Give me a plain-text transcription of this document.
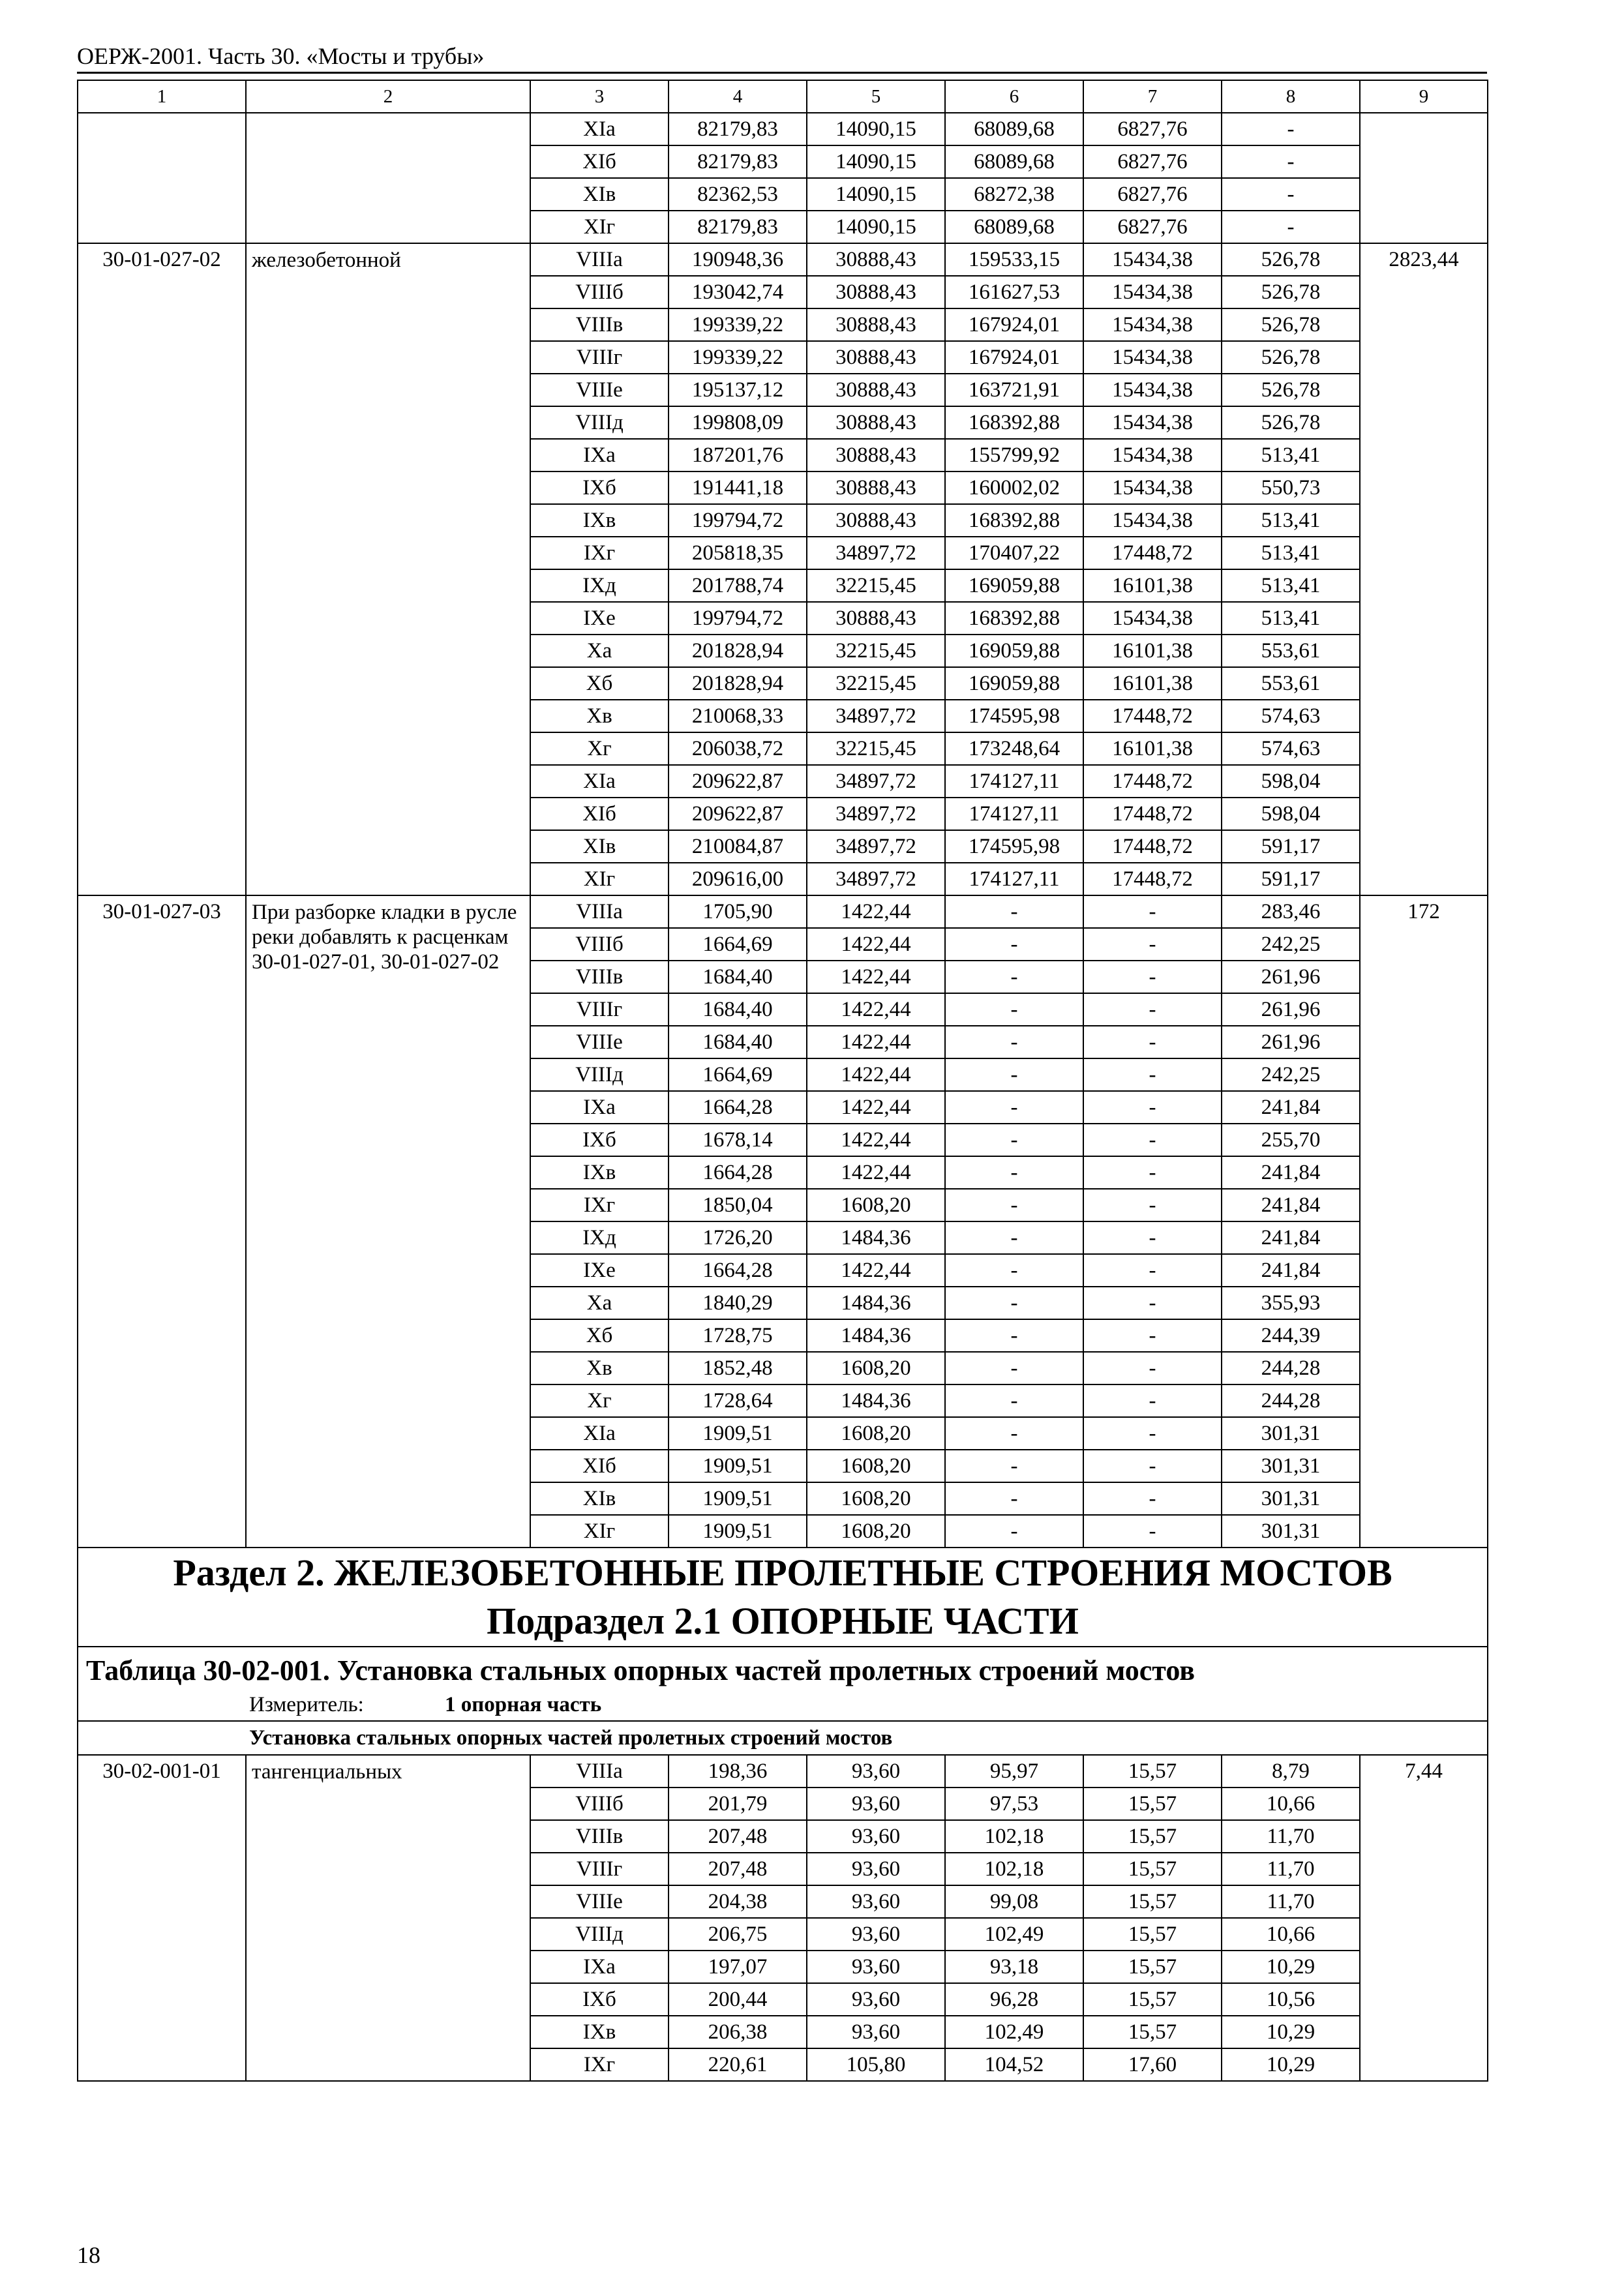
ОЕРЖ-2001. Часть 30. «Мосты и трубы»
1	2	3	4	5	6	7	8	9
		XIа	82179,83	14090,15	68089,68	6827,76	-	
		XIб	82179,83	14090,15	68089,68	6827,76	-	
		XIв	82362,53	14090,15	68272,38	6827,76	-	
		XIг	82179,83	14090,15	68089,68	6827,76	-	
30-01-027-02	железобетонной	VIIIа	190948,36	30888,43	159533,15	15434,38	526,78	2823,44
		VIIIб	193042,74	30888,43	161627,53	15434,38	526,78	
		VIIIв	199339,22	30888,43	167924,01	15434,38	526,78	
		VIIIг	199339,22	30888,43	167924,01	15434,38	526,78	
		VIIIе	195137,12	30888,43	163721,91	15434,38	526,78	
		VIIIд	199808,09	30888,43	168392,88	15434,38	526,78	
		IXа	187201,76	30888,43	155799,92	15434,38	513,41	
		IXб	191441,18	30888,43	160002,02	15434,38	550,73	
		IXв	199794,72	30888,43	168392,88	15434,38	513,41	
		IXг	205818,35	34897,72	170407,22	17448,72	513,41	
		IXд	201788,74	32215,45	169059,88	16101,38	513,41	
		IXе	199794,72	30888,43	168392,88	15434,38	513,41	
		Xа	201828,94	32215,45	169059,88	16101,38	553,61	
		Xб	201828,94	32215,45	169059,88	16101,38	553,61	
		Xв	210068,33	34897,72	174595,98	17448,72	574,63	
		Xг	206038,72	32215,45	173248,64	16101,38	574,63	
		XIа	209622,87	34897,72	174127,11	17448,72	598,04	
		XIб	209622,87	34897,72	174127,11	17448,72	598,04	
		XIв	210084,87	34897,72	174595,98	17448,72	591,17	
		XIг	209616,00	34897,72	174127,11	17448,72	591,17	
30-01-027-03	При разборке кладки в русле реки добавлять к расценкам 30-01-027-01, 30-01-027-02	VIIIа	1705,90	1422,44	-	-	283,46	172
		VIIIб	1664,69	1422,44	-	-	242,25	
		VIIIв	1684,40	1422,44	-	-	261,96	
		VIIIг	1684,40	1422,44	-	-	261,96	
		VIIIе	1684,40	1422,44	-	-	261,96	
		VIIIд	1664,69	1422,44	-	-	242,25	
		IXа	1664,28	1422,44	-	-	241,84	
		IXб	1678,14	1422,44	-	-	255,70	
		IXв	1664,28	1422,44	-	-	241,84	
		IXг	1850,04	1608,20	-	-	241,84	
		IXд	1726,20	1484,36	-	-	241,84	
		IXе	1664,28	1422,44	-	-	241,84	
		Xа	1840,29	1484,36	-	-	355,93	
		Xб	1728,75	1484,36	-	-	244,39	
		Xв	1852,48	1608,20	-	-	244,28	
		Xг	1728,64	1484,36	-	-	244,28	
		XIа	1909,51	1608,20	-	-	301,31	
		XIб	1909,51	1608,20	-	-	301,31	
		XIв	1909,51	1608,20	-	-	301,31	
		XIг	1909,51	1608,20	-	-	301,31	

Раздел 2. ЖЕЛЕЗОБЕТОННЫЕ ПРОЛЕТНЫЕ СТРОЕНИЯ МОСТОВ
Подраздел 2.1 ОПОРНЫЕ ЧАСТИ								

Таблица 30-02-001. Установка стальных опорных частей пролетных строений мостов
Измеритель: 1 опорная часть								

Установка стальных опорных частей пролетных строений мостов								
30-02-001-01	тангенциальных	VIIIа	198,36	93,60	95,97	15,57	8,79	7,44
		VIIIб	201,79	93,60	97,53	15,57	10,66	
		VIIIв	207,48	93,60	102,18	15,57	11,70	
		VIIIг	207,48	93,60	102,18	15,57	11,70	
		VIIIе	204,38	93,60	99,08	15,57	11,70	
		VIIIд	206,75	93,60	102,49	15,57	10,66	
		IXа	197,07	93,60	93,18	15,57	10,29	
		IXб	200,44	93,60	96,28	15,57	10,56	
		IXв	206,38	93,60	102,49	15,57	10,29	
		IXг	220,61	105,80	104,52	17,60	10,29	
18
